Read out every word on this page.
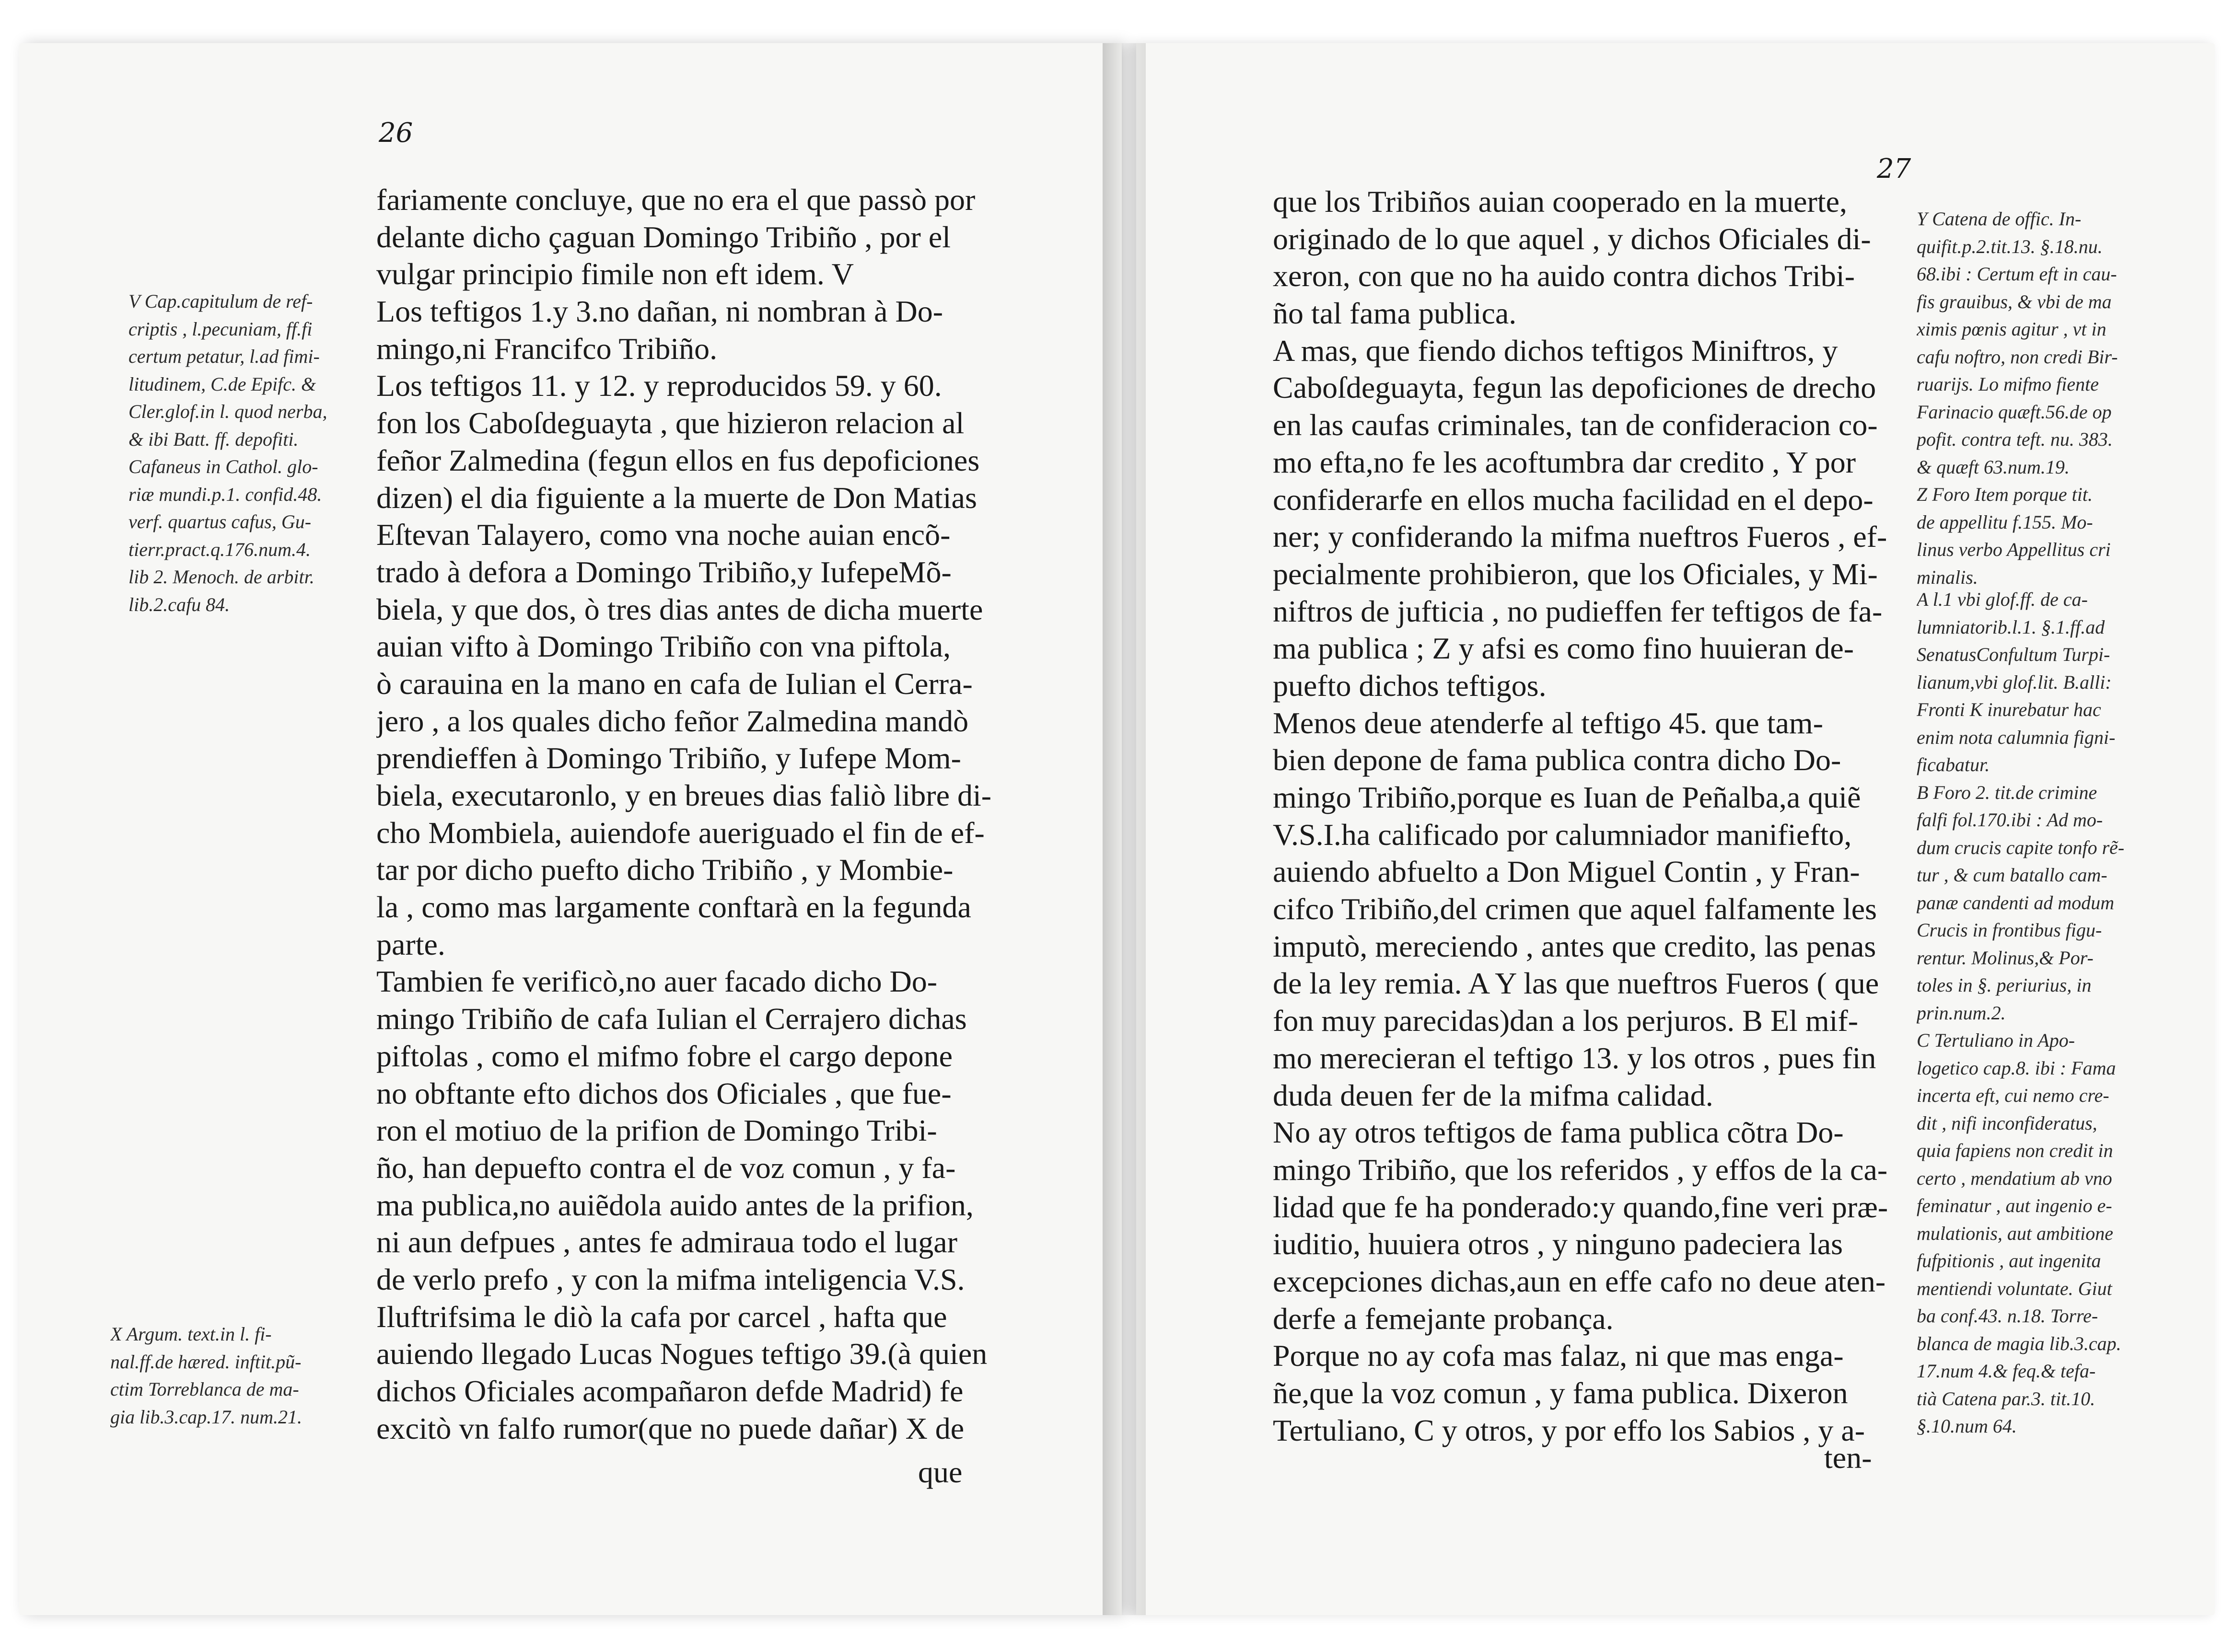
26
27
fariamente concluye, que no era el que passò por
delante dicho çaguan Domingo Tribiño , por el
vulgar principio fimile non eft idem. V
Los teftigos 1.y 3.no dañan, ni nombran à Do-
mingo,ni Francifco Tribiño.
Los teftigos 11. y 12. y reproducidos 59. y 60.
fon los Caboſdeguayta , que hizieron relacion al
feñor Zalmedina (fegun ellos en fus depoficiones
dizen) el dia figuiente a la muerte de Don Matias
Eſtevan Talayero, como vna noche auian encõ-
trado à defora a Domingo Tribiño,y IufepeMõ-
biela, y que dos, ò tres dias antes de dicha muerte
auian vifto à Domingo Tribiño con vna piftola,
ò carauina en la mano en cafa de Iulian el Cerra-
jero , a los quales dicho feñor Zalmedina mandò
prendieffen à Domingo Tribiño, y Iufepe Mom-
biela, executaronlo, y en breues dias faliò libre di-
cho Mombiela, auiendofe aueriguado el fin de ef-
tar por dicho puefto dicho Tribiño , y Mombie-
la , como mas largamente conftarà en la fegunda
parte.
Tambien fe verificò,no auer facado dicho Do-
mingo Tribiño de cafa Iulian el Cerrajero dichas
piftolas , como el mifmo fobre el cargo depone
no obftante efto dichos dos Oficiales , que fue-
ron el motiuo de la prifion de Domingo Tribi-
ño, han depuefto contra el de voz comun , y fa-
ma publica,no auiẽdola auido antes de la prifion,
ni aun defpues , antes fe admiraua todo el lugar
de verlo prefo , y con la mifma inteligencia V.S.
Iluftrifsima le diò la cafa por carcel , hafta que
auiendo llegado Lucas Nogues teftigo 39.(à quien
dichos Oficiales acompañaron defde Madrid) fe
excitò vn falfo rumor(que no puede dañar) X de
que los Tribiños auian cooperado en la muerte,
originado de lo que aquel , y dichos Oficiales di-
xeron, con que no ha auido contra dichos Tribi-
ño tal fama publica.
A mas, que fiendo dichos teftigos Miniftros, y
Caboſdeguayta, fegun las depoficiones de drecho
en las caufas criminales, tan de confideracion co-
mo efta,no fe les acoftumbra dar credito , Y por
confiderarfe en ellos mucha facilidad en el depo-
ner; y confiderando la mifma nueftros Fueros , ef-
pecialmente prohibieron, que los Oficiales, y Mi-
niftros de jufticia , no pudieffen fer teftigos de fa-
ma publica ; Z y afsi es como fino huuieran de-
puefto dichos teftigos.
Menos deue atenderfe al teftigo 45. que tam-
bien depone de fama publica contra dicho Do-
mingo Tribiño,porque es Iuan de Peñalba,a quiẽ
V.S.I.ha calificado por calumniador manifiefto,
auiendo abfuelto a Don Miguel Contin , y Fran-
cifco Tribiño,del crimen que aquel falfamente les
imputò, mereciendo , antes que credito, las penas
de la ley remia. A Y las que nueftros Fueros ( que
fon muy parecidas)dan a los perjuros. B El mif-
mo merecieran el teftigo 13. y los otros , pues fin
duda deuen fer de la mifma calidad.
No ay otros teftigos de fama publica cõtra Do-
mingo Tribiño, que los referidos , y effos de la ca-
lidad que fe ha ponderado:y quando,fine veri præ-
iuditio, huuiera otros , y ninguno padeciera las
excepciones dichas,aun en effe cafo no deue aten-
derfe a femejante probança.
Porque no ay cofa mas falaz, ni que mas enga-
ñe,que la voz comun , y fama publica. Dixeron
Tertuliano, C y otros, y por effo los Sabios , y a-
V Cap.capitulum de ref-
criptis , l.pecuniam, ff.fi
certum petatur, l.ad fimi-
litudinem, C.de Epifc. &
Cler.glof.in l. quod nerba,
& ibi Batt. ff. depofiti.
Cafaneus in Cathol. glo-
riæ mundi.p.1. confid.48.
verf. quartus cafus, Gu-
tierr.pract.q.176.num.4.
lib 2. Menoch. de arbitr.
lib.2.cafu 84.
X Argum. text.in l. fi-
nal.ff.de hæred. inftit.pũ-
ctim Torreblanca de ma-
gia lib.3.cap.17. num.21.
Y Catena de offic. In-
quifit.p.2.tit.13. §.18.nu.
68.ibi : Certum eft in cau-
fis grauibus, & vbi de ma
ximis pœnis agitur , vt in
cafu noftro, non credi Bir-
ruarijs. Lo mifmo fiente
Farinacio quæft.56.de op
pofit. contra teft. nu. 383.
& quæft 63.num.19.
Z Foro Item porque tit.
de appellitu f.155. Mo-
linus verbo Appellitus cri
minalis.
A l.1 vbi glof.ff. de ca-
lumniatorib.l.1. §.1.ff.ad
SenatusConfultum Turpi-
lianum,vbi glof.lit. B.alli:
Fronti K inurebatur hac
enim nota calumnia figni-
ficabatur.
B Foro 2. tit.de crimine
falfi fol.170.ibi : Ad mo-
dum crucis capite tonfo rẽ-
tur , & cum batallo cam-
panæ candenti ad modum
Crucis in frontibus figu-
rentur. Molinus,& Por-
toles in §. periurius, in
prin.num.2.
C Tertuliano in Apo-
logetico cap.8. ibi : Fama
incerta eft, cui nemo cre-
dit , nifi inconfideratus,
quia fapiens non credit in
certo , mendatium ab vno
feminatur , aut ingenio e-
mulationis, aut ambitione
fufpitionis , aut ingenita
mentiendi voluntate. Giut
ba conf.43. n.18. Torre-
blanca de magia lib.3.cap.
17.num 4.& feq.& tefa-
tià Catena par.3. tit.10.
§.10.num 64.
que	ten-
